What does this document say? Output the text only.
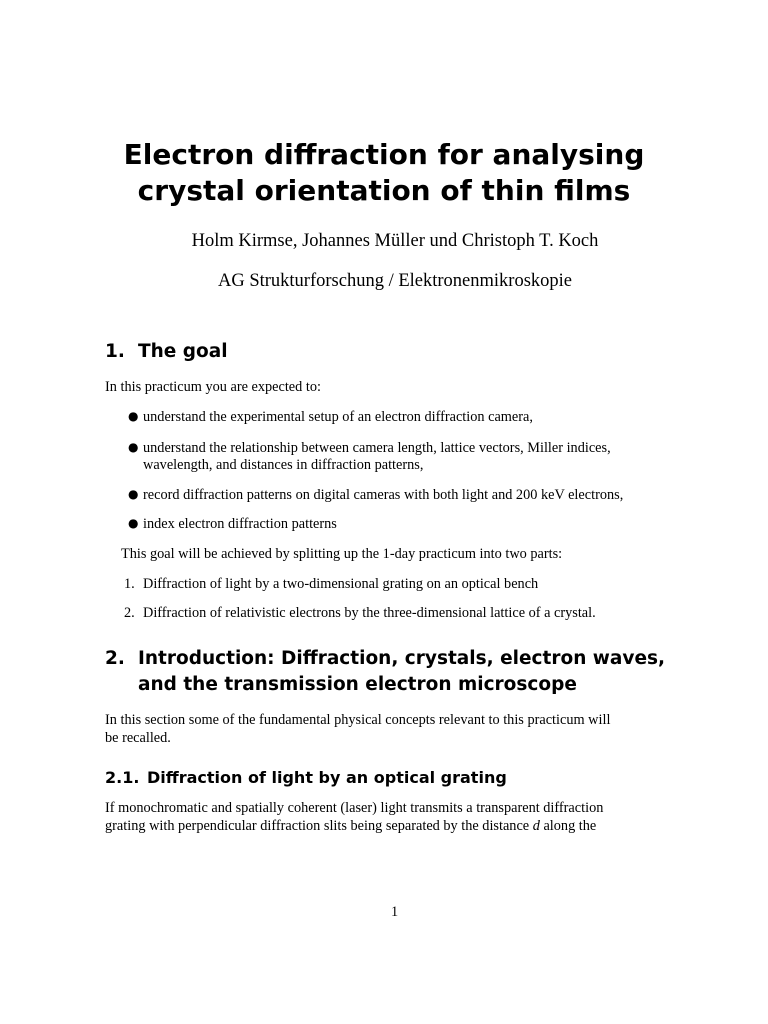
Electron diffraction for analysing
crystal orientation of thin films
Holm Kirmse, Johannes Müller und Christoph T. Koch
AG Strukturforschung / Elektronenmikroskopie
1. The goal
In this practicum you are expected to:
● understand the experimental setup of an electron diffraction camera,
● understand the relationship between camera length, lattice vectors, Miller indices,
wavelength, and distances in diffraction patterns,
● record diffraction patterns on digital cameras with both light and 200 keV electrons,
● index electron diffraction patterns
This goal will be achieved by splitting up the 1-day practicum into two parts:
1. Diffraction of light by a two-dimensional grating on an optical bench
2. Diffraction of relativistic electrons by the three-dimensional lattice of a crystal.
2. Introduction: Diffraction, crystals, electron waves,
and the transmission electron microscope
In this section some of the fundamental physical concepts relevant to this practicum will
be recalled.
2.1. Diffraction of light by an optical grating
If monochromatic and spatially coherent (laser) light transmits a transparent diffraction
grating with perpendicular diffraction slits being separated by the distance d along the
1
